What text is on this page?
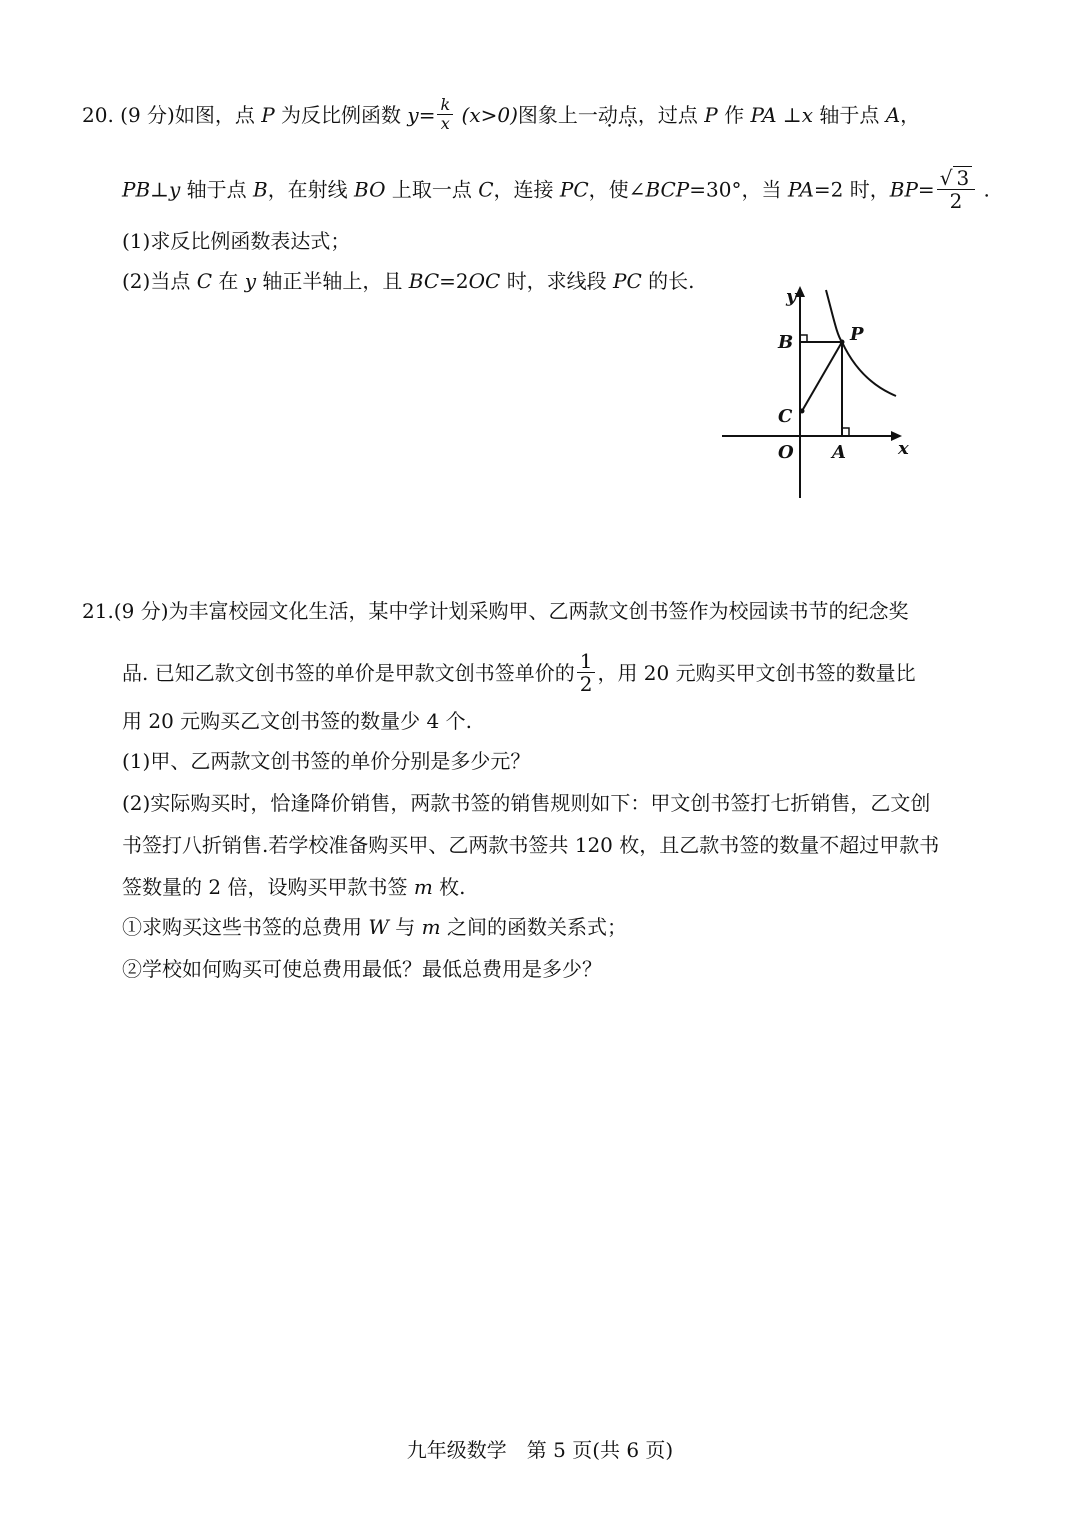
20. (9 分)如图，点 P 为反比例函数 $y= \frac{k}{x} (x>0)$图象上一动点，过点 P 作 PA ⊥x 轴于点 A，
PB⊥y 轴于点 B，在射线 BO 上取一点 C，连接 PC，使∠BCP=30°，当 PA=2 时，$BP= \frac{√ 3}{2}$ .
(1)求反比例函数表达式；
(2)当点 C 在 y 轴正半轴上，且 BC=2OC 时，求线段 PC 的长.
y
x
B	P
C
O A
21.(9 分)为丰富校园文化生活，某中学计划采购甲、乙两款文创书签作为校园读书节的纪念奖
品. 已知乙款文创书签的单价是甲款文创书签单价的 $\frac{1}{2}$ ，用 20 元购买甲文创书签的数量比
用 20 元购买乙文创书签的数量少 4 个.
(1)甲、乙两款文创书签的单价分别是多少元？
(2)实际购买时，恰逢降价销售，两款书签的销售规则如下：甲文创书签打七折销售，乙文创
书签打八折销售.若学校准备购买甲、乙两款书签共 120 枚，且乙款书签的数量不超过甲款书
签数量的 2 倍，设购买甲款书签 m 枚.
①求购买这些书签的总费用 W 与 m 之间的函数关系式；
②学校如何购买可使总费用最低？最低总费用是多少？
九年级数学　第 5 页(共 6 页)
